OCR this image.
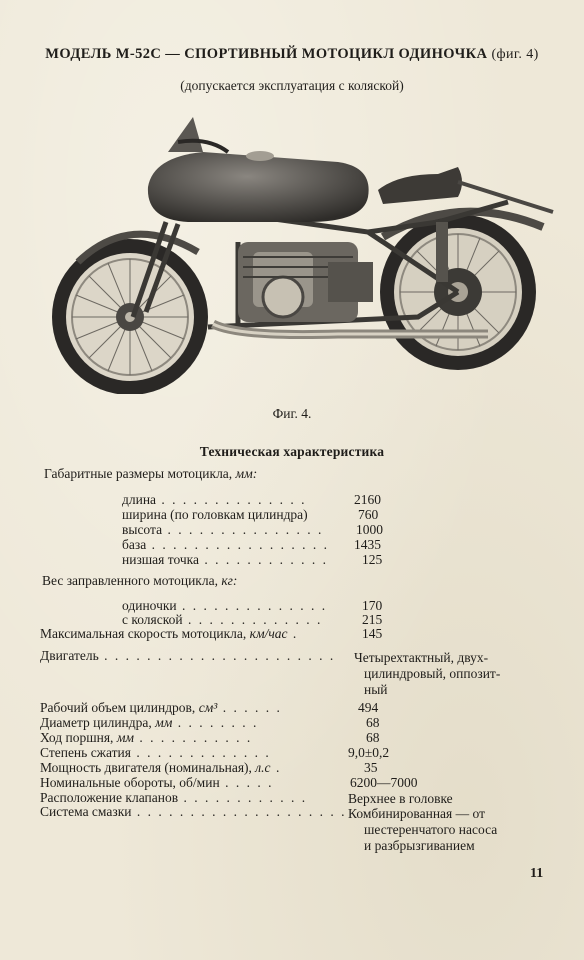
МОДЕЛЬ М-52С — СПОРТИВНЫЙ МОТОЦИКЛ ОДИНОЧКА (фиг. 4)
(допускается эксплуатация с коляской)
Фиг. 4.
Техническая характеристика
Габаритные размеры мотоцикла, мм:
длина . . . . . . . . . . . . . .	2160
ширина (по головкам цилиндра)	760
высота . . . . . . . . . . . . . . . 1000
база . . . . . . . . . . . . . . . . . 1435
низшая точка . . . . . . . . . . . .	125
Вес заправленного мотоцикла, кг:
одиночки . . . . . . . . . . . . . .	170
с коляской . . . . . . . . . . . . .	215
Максимальная скорость мотоцикла, км/час .	145
Двигатель . . . . . . . . . . . . . . . . . . . . . . Четырехтактный, двух-
цилиндровый, оппозит-
ный
Рабочий объем цилиндров, см³ . . . . . .	494
Диаметр цилиндра, мм . . . . . . . .	68
Ход поршня, мм . . . . . . . . . . .	68
Степень сжатия . . . . . . . . . . . . .	9,0±0,2
Мощность двигателя (номинальная), л.с .	35
Номинальные обороты, об/мин . . . . .	6200—7000
Расположение клапанов . . . . . . . . . . . .	Верхнее в головке
Система смазки . . . . . . . . . . . . . . . . . . . . Комбинированная — от
шестеренчатого насоса
и разбрызгиванием
11
